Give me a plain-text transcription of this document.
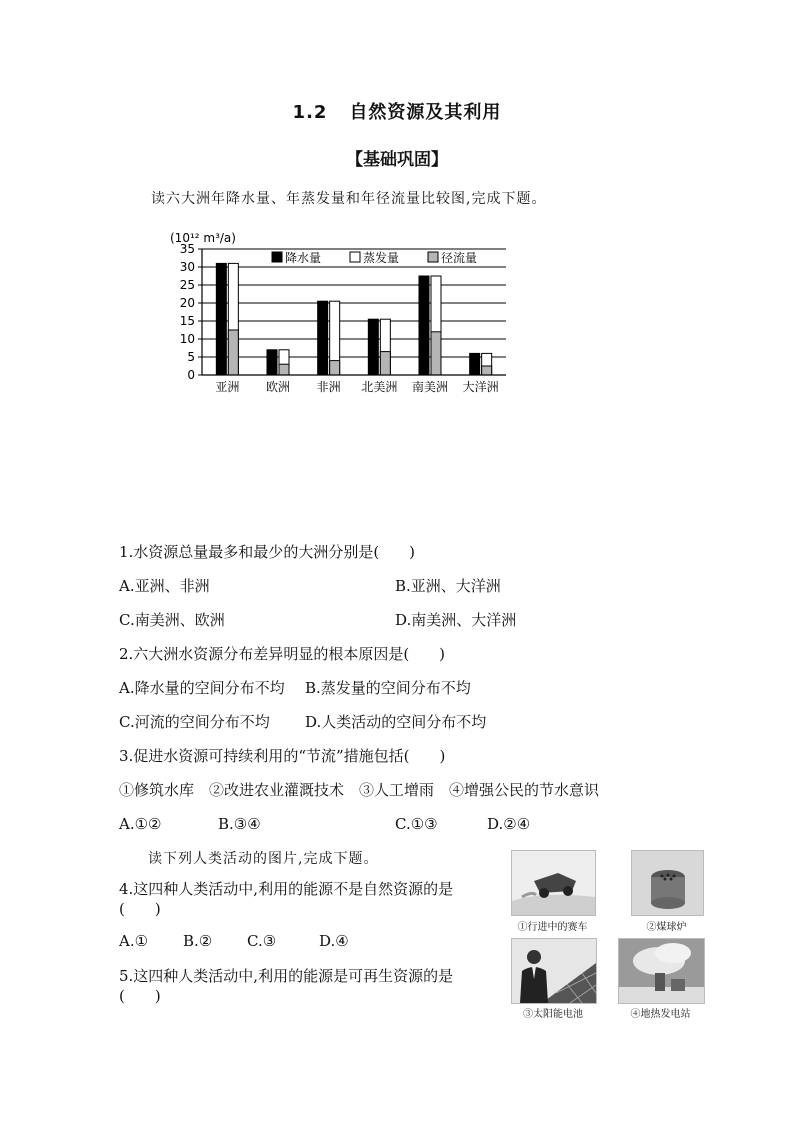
1.2 自然资源及其利用
【基础巩固】
读六大洲年降水量、年蒸发量和年径流量比较图,完成下题。
(10¹² m³/a)
降水量	蒸发量	径流量
0
5
10
15
20
25
30
35
亚洲 欧洲 非洲 北美洲 南美洲 大洋洲
1.水资源总量最多和最少的大洲分别是(　　)
A.亚洲、非洲	B.亚洲、大洋洲
C.南美洲、欧洲	D.南美洲、大洋洲
2.六大洲水资源分布差异明显的根本原因是(　　)
A.降水量的空间分布不均 B.蒸发量的空间分布不均
C.河流的空间分布不均 D.人类活动的空间分布不均
3.促进水资源可持续利用的“节流”措施包括(　　)
①修筑水库　②改进农业灌溉技术　③人工增雨　④增强公民的节水意识
A.①②	B.③④	C.①③	D.②④
读下列人类活动的图片,完成下题。
4.这四种人类活动中,利用的能源不是自然资源的是
(　　)
A.① B.② C.③	D.④
5.这四种人类活动中,利用的能源是可再生资源的是
(　　)
①行进中的赛车	②煤球炉
③太阳能电池	④地热发电站
